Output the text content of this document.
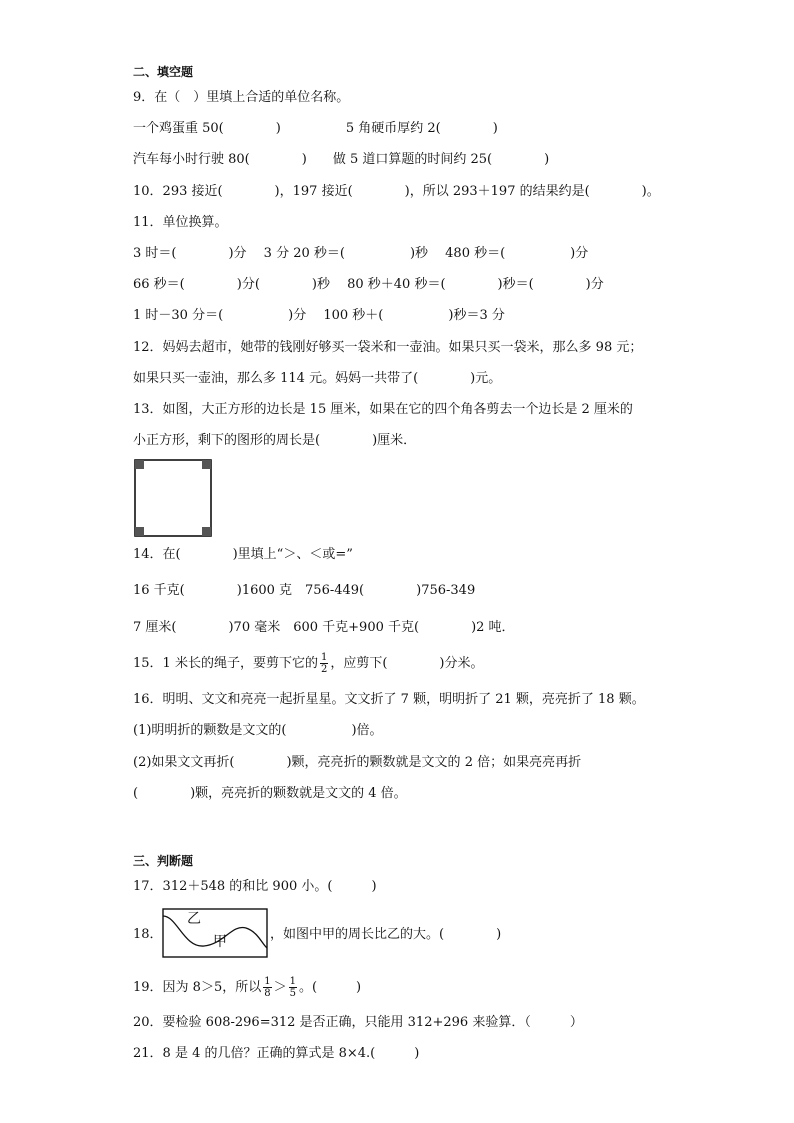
二、填空题
9．在（　）里填上合适的单位名称。
一个鸡蛋重 50(　　　　)　　　　　5 角硬币厚约 2(　　　　)
汽车每小时行驶 80(　　　　)　　做 5 道口算题的时间约 25(　　　　)
10．293 接近(　　　　)，197 接近(　　　　)，所以 293＋197 的结果约是(　　　　)。
11．单位换算。
3 时＝(　　　　)分　 3 分 20 秒＝(　　　　　)秒　 480 秒＝(　　　　　)分
66 秒＝(　　　　)分(　　　　)秒　 80 秒＋40 秒＝(　　　　)秒＝(　　　　)分
1 时－30 分＝(　　　　　)分　 100 秒＋(　　　　　)秒＝3 分
12．妈妈去超市，她带的钱刚好够买一袋米和一壶油。如果只买一袋米，那么多 98 元；
如果只买一壶油，那么多 114 元。妈妈一共带了(　　　　)元。
13．如图，大正方形的边长是 15 厘米，如果在它的四个角各剪去一个边长是 2 厘米的
小正方形，剩下的图形的周长是(　　　　)厘米．
14．在(　　　　)里填上“＞、＜或=”
16 千克(　　　　)1600 克　756-449(　　　　)756-349
7 厘米(　　　　)70 毫米　600 千克+900 千克(　　　　)2 吨．
15．1 米长的绳子，要剪下它的 $\frac{1}{2}$ ，应剪下(　　　　)分米。
16．明明、文文和亮亮一起折星星。文文折了 7 颗，明明折了 21 颗，亮亮折了 18 颗。
(1)明明折的颗数是文文的(　　　　　)倍。
(2)如果文文再折(　　　　)颗，亮亮折的颗数就是文文的 2 倍；如果亮亮再折
(　　　　)颗，亮亮折的颗数就是文文的 4 倍。
三、判断题
17．312＋548 的和比 900 小。(　　　)
18．
乙
甲	，如图中甲的周长比乙的大。(　　　　)
19．因为 8＞5，所以 $\frac{1}{8} > \frac{1}{5}$ 。(　　　)
20．要检验 608-296=312 是否正确，只能用 312+296 来验算．（　　　）
21．8 是 4 的几倍？正确的算式是 8×4.(　　　)
